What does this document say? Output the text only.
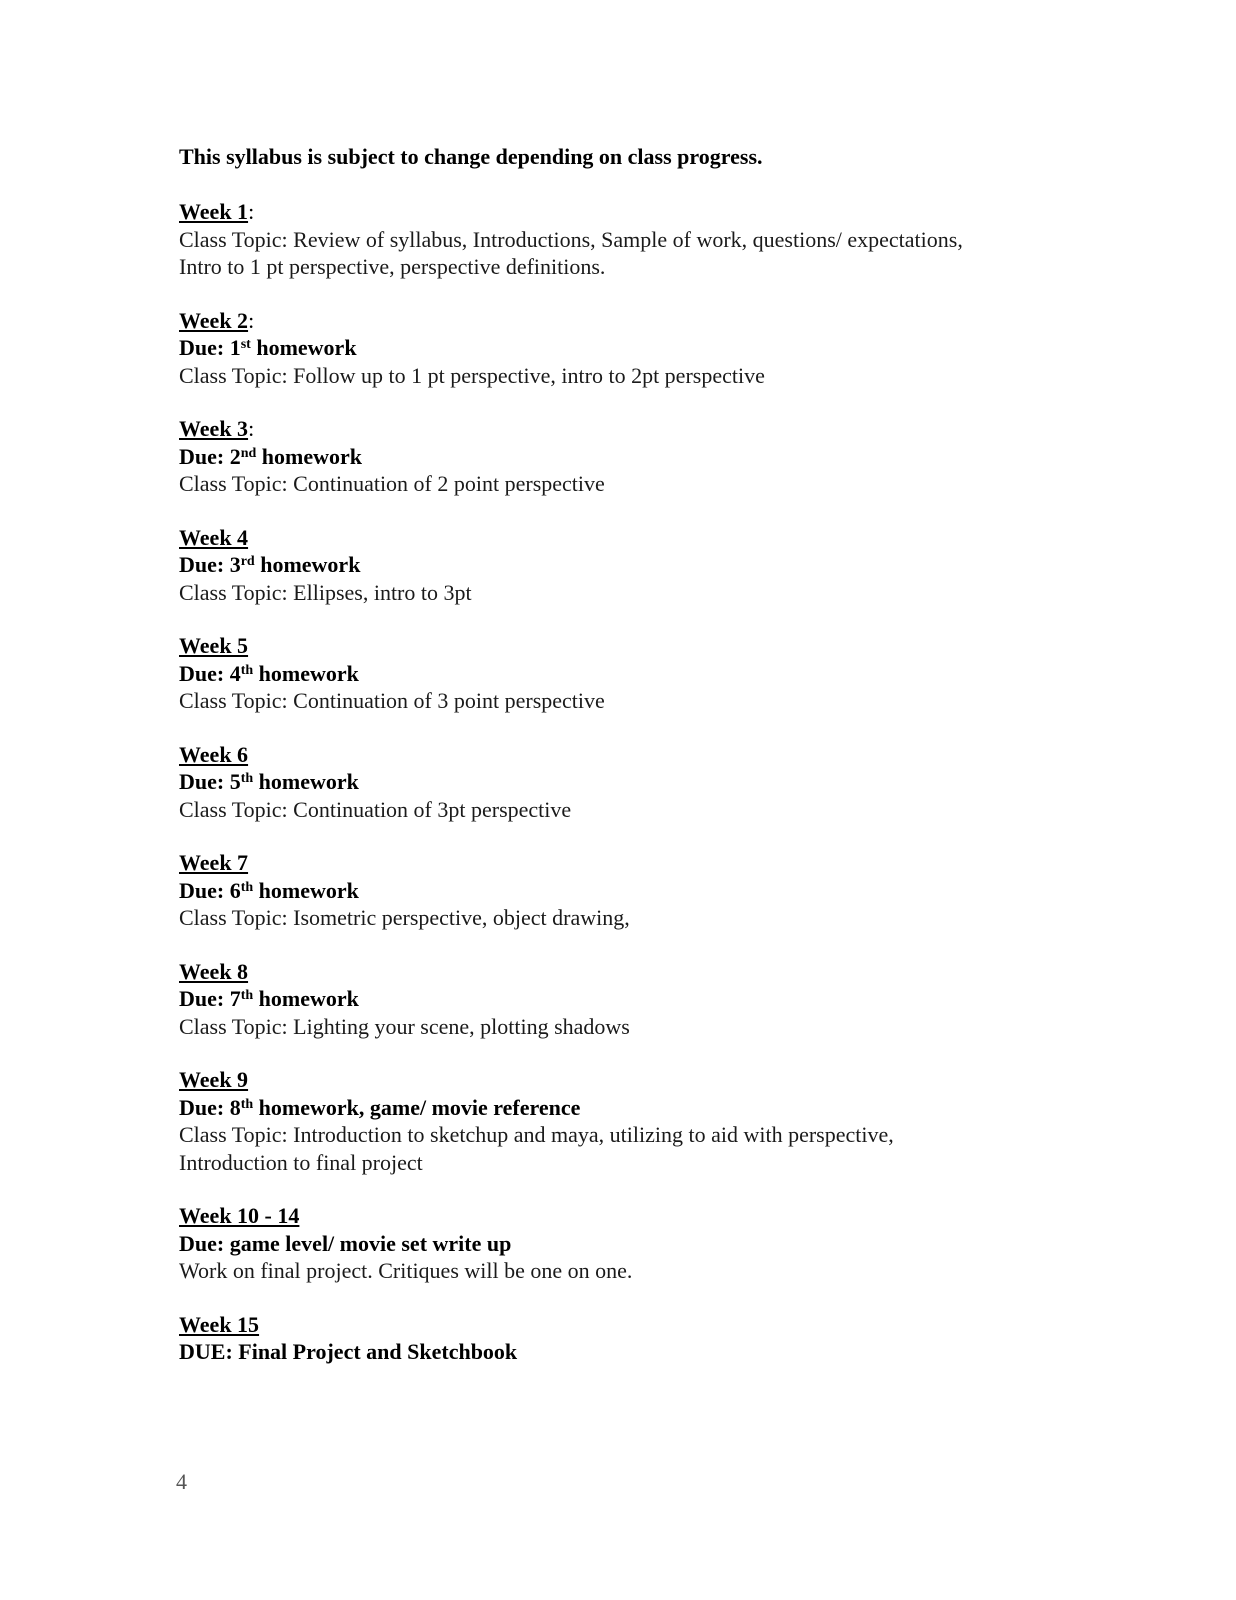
This syllabus is subject to change depending on class progress.
Week 1:
Class Topic: Review of syllabus, Introductions, Sample of work, questions/ expectations,
Intro to 1 pt perspective, perspective definitions.
Week 2:
Due: 1st homework
Class Topic: Follow up to 1 pt perspective, intro to 2pt perspective
Week 3:
Due: 2nd homework
Class Topic: Continuation of 2 point perspective
Week 4
Due: 3rd homework
Class Topic: Ellipses, intro to 3pt
Week 5
Due: 4th homework
Class Topic: Continuation of 3 point perspective
Week 6
Due: 5th homework
Class Topic: Continuation of 3pt perspective
Week 7
Due: 6th homework
Class Topic: Isometric perspective, object drawing,
Week 8
Due: 7th homework
Class Topic: Lighting your scene, plotting shadows
Week 9
Due: 8th homework, game/ movie reference
Class Topic: Introduction to sketchup and maya, utilizing to aid with perspective,
Introduction to final project
Week 10 - 14
Due: game level/ movie set write up
Work on final project. Critiques will be one on one.
Week 15
DUE: Final Project and Sketchbook
4
